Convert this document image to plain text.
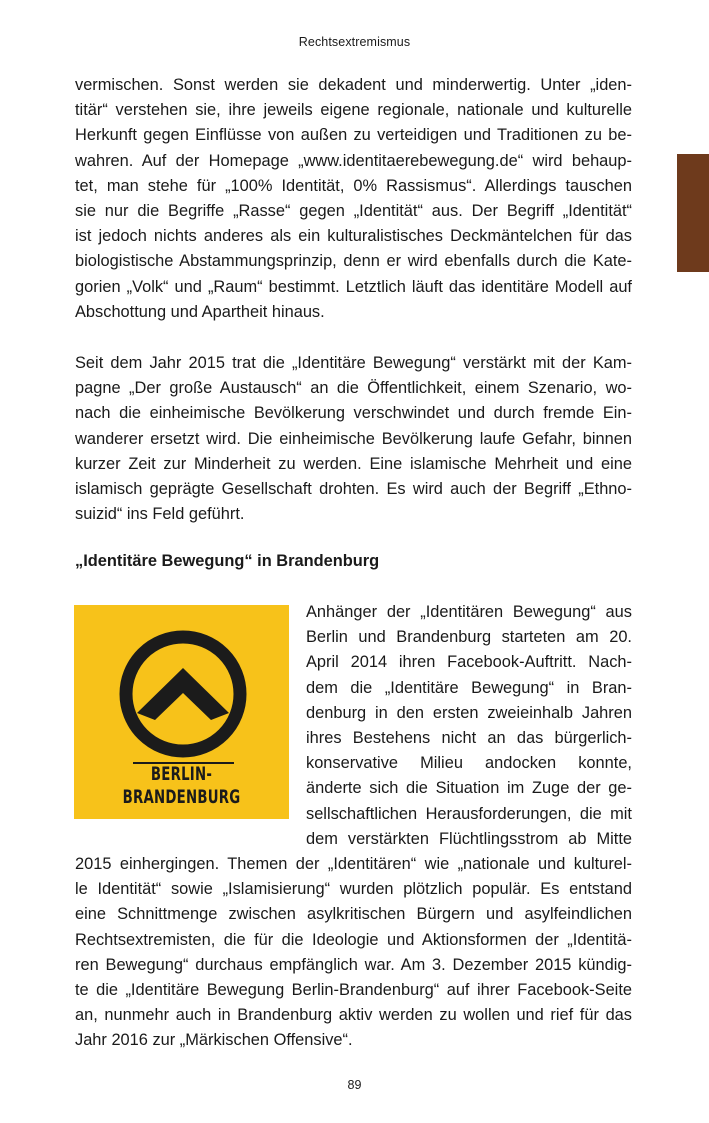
Rechtsextremismus
vermischen. Sonst werden sie dekadent und minderwertig. Unter „iden-
titär“ verstehen sie, ihre jeweils eigene regionale, nationale und kulturelle
Herkunft gegen Einflüsse von außen zu verteidigen und Traditionen zu be-
wahren. Auf der Homepage „www.identitaerebewegung.de“ wird behaup-
tet, man stehe für „100% Identität, 0% Rassismus“. Allerdings tauschen
sie nur die Begriffe „Rasse“ gegen „Identität“ aus. Der Begriff „Identität“
ist jedoch nichts anderes als ein kulturalistisches Deckmäntelchen für das
biologistische Abstammungsprinzip, denn er wird ebenfalls durch die Kate-
gorien „Volk“ und „Raum“ bestimmt. Letztlich läuft das identitäre Modell auf
Abschottung und Apartheit hinaus.
Seit dem Jahr 2015 trat die „Identitäre Bewegung“ verstärkt mit der Kam-
pagne „Der große Austausch“ an die Öffentlichkeit, einem Szenario, wo-
nach die einheimische Bevölkerung verschwindet und durch fremde Ein-
wanderer ersetzt wird. Die einheimische Bevölkerung laufe Gefahr, binnen
kurzer Zeit zur Minderheit zu werden. Eine islamische Mehrheit und eine
islamisch geprägte Gesellschaft drohten. Es wird auch der Begriff „Ethno-
suizid“ ins Feld geführt.
„Identitäre Bewegung“ in Brandenburg
BERLIN-
BRANDENBURG
Anhänger der „Identitären Bewegung“ aus
Berlin und Brandenburg starteten am 20.
April 2014 ihren Facebook-Auftritt. Nach-
dem die „Identitäre Bewegung“ in Bran-
denburg in den ersten zweieinhalb Jahren
ihres Bestehens nicht an das bürgerlich-
konservative Milieu andocken konnte,
änderte sich die Situation im Zuge der ge-
sellschaftlichen Herausforderungen, die mit
dem verstärkten Flüchtlingsstrom ab Mitte
2015 einhergingen. Themen der „Identitären“ wie „nationale und kulturel-
le Identität“ sowie „Islamisierung“ wurden plötzlich populär. Es entstand
eine Schnittmenge zwischen asylkritischen Bürgern und asylfeindlichen
Rechtsextremisten, die für die Ideologie und Aktionsformen der „Identitä-
ren Bewegung“ durchaus empfänglich war. Am 3. Dezember 2015 kündig-
te die „Identitäre Bewegung Berlin-Brandenburg“ auf ihrer Facebook-Seite
an, nunmehr auch in Brandenburg aktiv werden zu wollen und rief für das
Jahr 2016 zur „Märkischen Offensive“.
89
